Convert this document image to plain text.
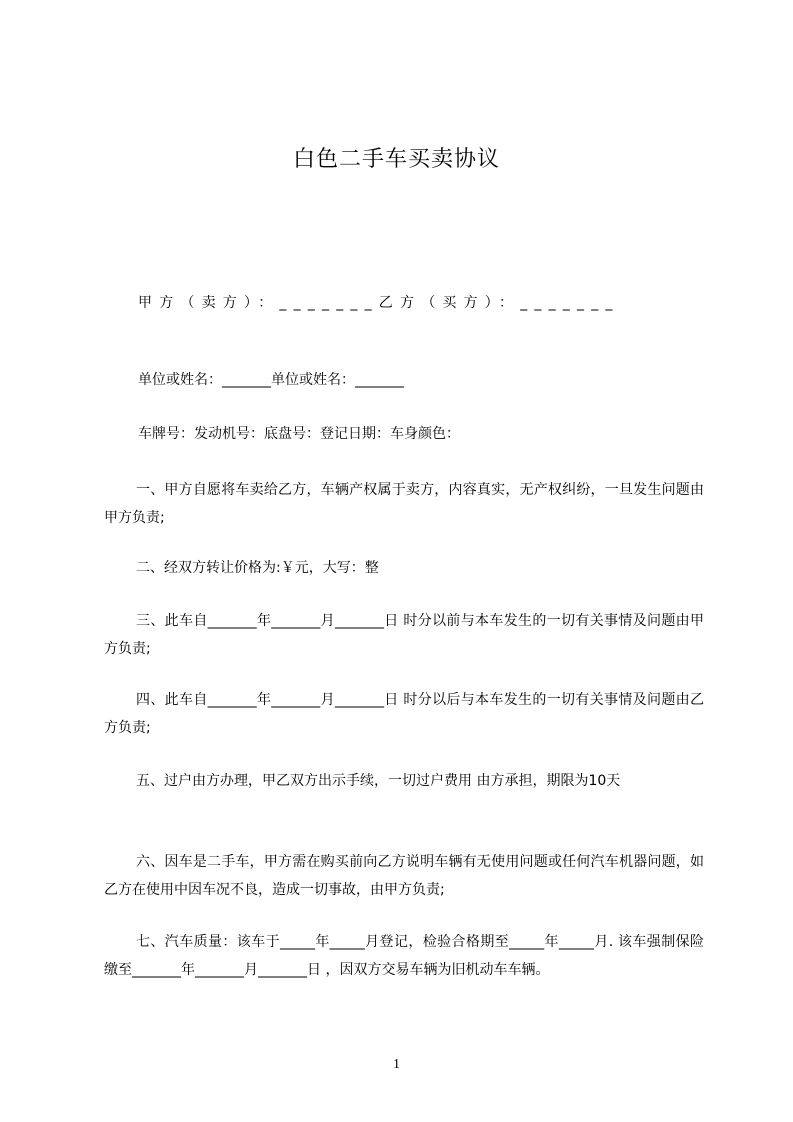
白色二手车买卖协议
甲方（卖方）：_______乙方（买方）：_______
单位或姓名：_______单位或姓名：_______
车牌号：发动机号：底盘号：登记日期：车身颜色：
一、甲方自愿将车卖给乙方，车辆产权属于卖方，内容真实，无产权纠纷，一旦发生问题由甲方负责;
二、经双方转让价格为:￥元，大写：整
三、此车自_______年_______月_______日 时分以前与本车发生的一切有关事情及问题由甲方负责;
四、此车自_______年_______月_______日 时分以后与本车发生的一切有关事情及问题由乙方负责;
五、过户由方办理，甲乙双方出示手续，一切过户费用 由方承担，期限为10天
六、因车是二手车，甲方需在购买前向乙方说明车辆有无使用问题或任何汽车机器问题，如乙方在使用中因车况不良，造成一切事故，由甲方负责;
七、汽车质量：该车于_____年_____月登记，检验合格期至_____年_____月. 该车强制保险缴至_______年_______月_______日 ，因双方交易车辆为旧机动车车辆。
1
